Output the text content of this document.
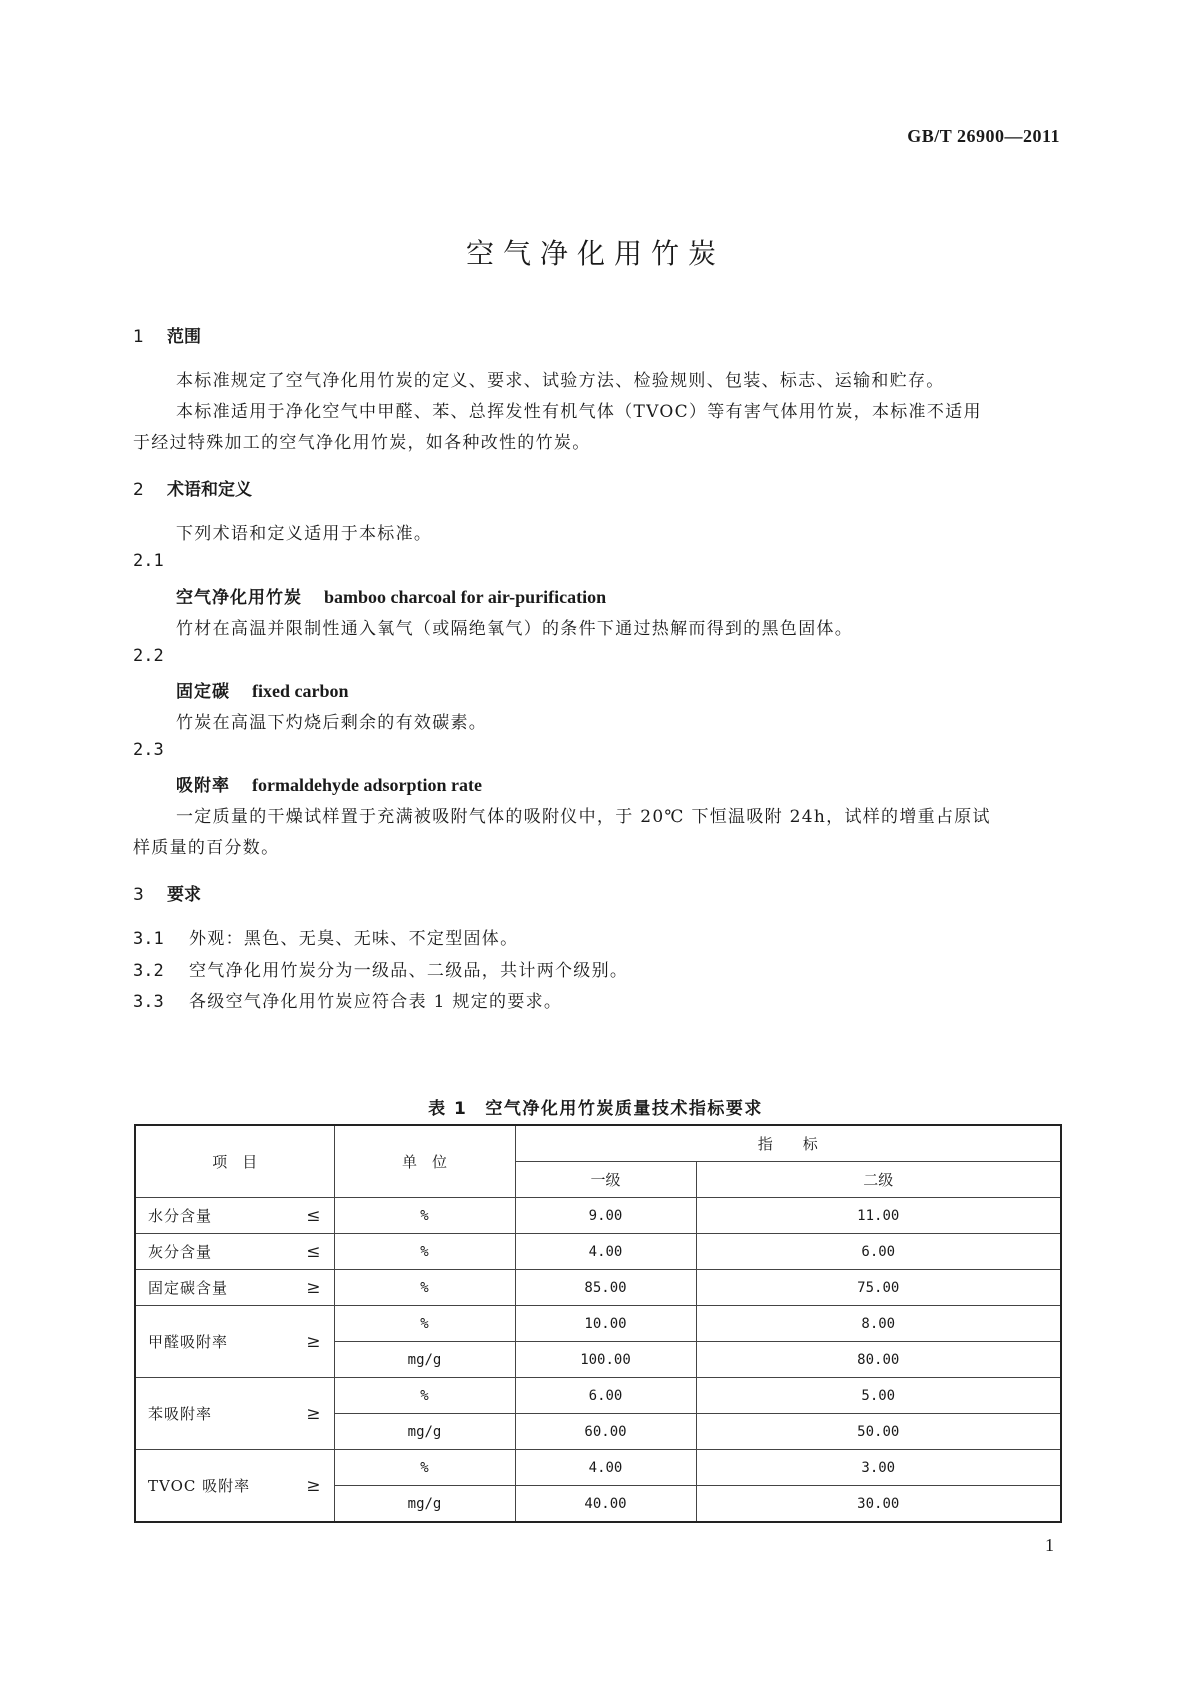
GB/T 26900—2011
空气净化用竹炭
1 范围
本标准规定了空气净化用竹炭的定义、要求、试验方法、检验规则、包装、标志、运输和贮存。
本标准适用于净化空气中甲醛、苯、总挥发性有机气体（TVOC）等有害气体用竹炭，本标准不适用
于经过特殊加工的空气净化用竹炭，如各种改性的竹炭。
2 术语和定义
下列术语和定义适用于本标准。
2.1
空气净化用竹炭 bamboo charcoal for air-purification
竹材在高温并限制性通入氧气（或隔绝氧气）的条件下通过热解而得到的黑色固体。
2.2
固定碳 fixed carbon
竹炭在高温下灼烧后剩余的有效碳素。
2.3
吸附率 formaldehyde adsorption rate
一定质量的干燥试样置于充满被吸附气体的吸附仪中，于 20℃ 下恒温吸附 24h，试样的增重占原试
样质量的百分数。
3 要求
3.1 外观：黑色、无臭、无味、不定型固体。
3.2 空气净化用竹炭分为一级品、二级品，共计两个级别。
3.3 各级空气净化用竹炭应符合表 1 规定的要求。
表 1 空气净化用竹炭质量技术指标要求
项　目	单　位	指　　标	
		一级	二级
水分含量 ≤	%	9.00	11.00
灰分含量 ≤	%	4.00	6.00
固定碳含量 ≥	%	85.00	75.00
甲醛吸附率 ≥	%	10.00	8.00
	mg/g	100.00	80.00
苯吸附率 ≥	%	6.00	5.00
	mg/g	60.00	50.00
TVOC 吸附率 ≥	%	4.00	3.00
	mg/g	40.00	30.00
1
